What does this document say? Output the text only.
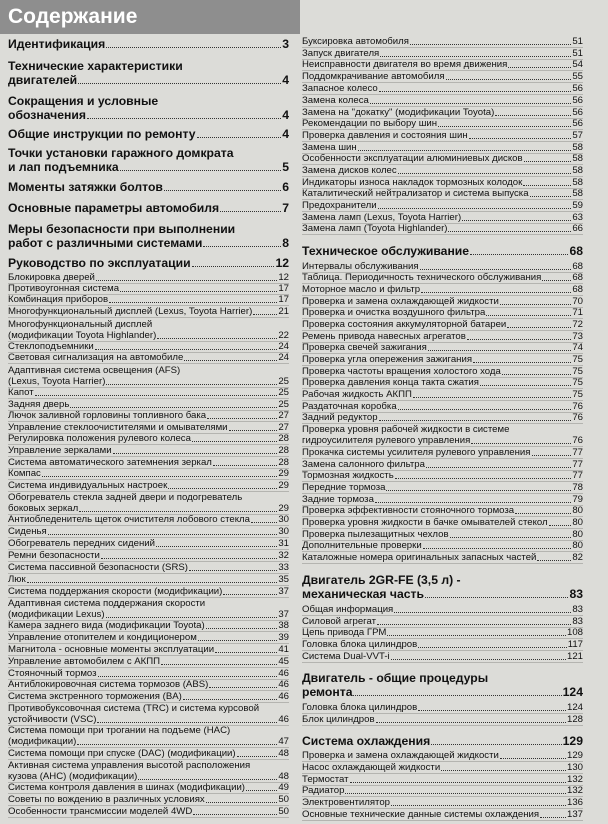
Содержание
Идентификация	3
Технические характеристики
двигателей	4
Сокращения и условные
обозначения	4
Общие инструкции по ремонту	4
Точки установки гаражного домкрата
и лап подъемника	5
Моменты затяжки болтов	6
Основные параметры автомобиля	7
Меры безопасности при выполнении
работ с различными системами	8
Руководство по эксплуатации	12
Блокировка дверей	12
Противоугонная система	17
Комбинация приборов	17
Многофункциональный дисплей (Lexus, Toyota Harrier)	21
Многофункциональный дисплей
(модификации Toyota Highlander)	22
Стеклоподъемники	24
Световая сигнализация на автомобиле	24
Адаптивная система освещения (AFS)
(Lexus, Toyota Harrier)	25
Капот	25
Задняя дверь	25
Лючок заливной горловины топливного бака	27
Управление стеклоочистителями и омывателями	27
Регулировка положения рулевого колеса	28
Управление зеркалами	28
Система автоматического затемнения зеркал	28
Компас	29
Система индивидуальных настроек	29
Обогреватель стекла задней двери и подогреватель
боковых зеркал	29
Антиобледенитель щеток очистителя лобового стекла	30
Сиденья	30
Обогреватель передних сидений	31
Ремни безопасности	32
Система пассивной безопасности (SRS)	33
Люк	35
Система поддержания скорости (модификации)	37
Адаптивная система поддержания скорости
(модификации Lexus)	37
Камера заднего вида (модификации Toyota)	38
Управление отопителем и кондиционером	39
Магнитола - основные моменты эксплуатации	41
Управление автомобилем с АКПП	45
Стояночный тормоз	46
Антиблокировочная система тормозов (ABS)	46
Система экстренного торможения (BA)	46
Противобуксовочная система (TRC) и система курсовой
устойчивости (VSC)	46
Система помощи при трогании на подъеме (HAC)
(модификации)	47
Система помощи при спуске (DAC) (модификации)	48
Активная система управления высотой расположения
кузова (AHC) (модификации)	48
Система контроля давления в шинах (модификации)	49
Советы по вождению в различных условиях	50
Особенности трансмиссии моделей 4WD	50
Буксировка автомобиля	51
Запуск двигателя	51
Неисправности двигателя во время движения	54
Поддомкрачивание автомобиля	55
Запасное колесо	56
Замена колеса	56
Замена на "докатку" (модификации Toyota)	56
Рекомендации по выбору шин	56
Проверка давления и состояния шин	57
Замена шин	58
Особенности эксплуатации алюминиевых дисков	58
Замена дисков колес	58
Индикаторы износа накладок тормозных колодок	58
Каталитический нейтрализатор и система выпуска	58
Предохранители	59
Замена ламп (Lexus, Toyota Harrier)	63
Замена ламп (Toyota Highlander)	66
Техническое обслуживание	68
Интервалы обслуживания	68
Таблица. Периодичность технического обслуживания	68
Моторное масло и фильтр	68
Проверка и замена охлаждающей жидкости	70
Проверка и очистка воздушного фильтра	71
Проверка состояния аккумуляторной батареи	72
Ремень привода навесных агрегатов	73
Проверка свечей зажигания	74
Проверка угла опережения зажигания	75
Проверка частоты вращения холостого хода	75
Проверка давления конца такта сжатия	75
Рабочая жидкость АКПП	75
Раздаточная коробка	76
Задний редуктор	76
Проверка уровня рабочей жидкости в системе
гидроусилителя рулевого управления	76
Прокачка системы усилителя рулевого управления	77
Замена салонного фильтра	77
Тормозная жидкость	77
Передние тормоза	78
Задние тормоза	79
Проверка эффективности стояночного тормоза	80
Проверка уровня жидкости в бачке омывателей стекол	80
Проверка пылезащитных чехлов	80
Дополнительные проверки	80
Каталожные номера оригинальных запасных частей	82
Двигатель 2GR-FE (3,5 л) -
механическая часть	83
Общая информация	83
Силовой агрегат	83
Цепь привода ГРМ	108
Головка блока цилиндров	117
Система Dual-VVT-i	121
Двигатель - общие процедуры
ремонта	124
Головка блока цилиндров	124
Блок цилиндров	128
Система охлаждения	129
Проверка и замена охлаждающей жидкости	129
Насос охлаждающей жидкости	130
Термостат	132
Радиатор	132
Электровентилятор	136
Основные технические данные системы охлаждения	137
